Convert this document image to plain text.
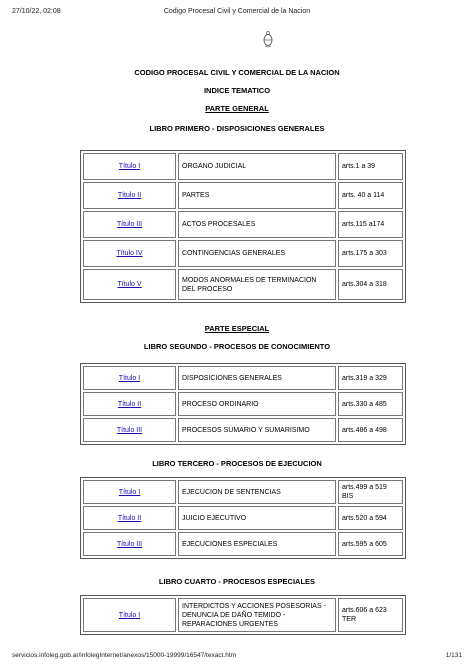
27/10/22, 02:08	Codigo Procesal Civil y Comercial de la Nacion
CODIGO PROCESAL CIVIL Y COMERCIAL DE LA NACION
INDICE TEMATICO
PARTE GENERAL
LIBRO PRIMERO - DISPOSICIONES GENERALES
Título I	ORGANO JUDICIAL	arts.1 a 39
Título II	PARTES	arts. 40 a 114
Título III	ACTOS PROCESALES	arts.115 a174
Título IV	CONTINGENCIAS GENERALES	arts.175 a 303
Título V	MODOS ANORMALES DE TERMINACION DEL PROCESO	arts.304 a 318
PARTE ESPECIAL
LIBRO SEGUNDO - PROCESOS DE CONOCIMIENTO
Título I	DISPOSICIONES GENERALES	arts.319 a 329
Título II	PROCESO ORDINARIO	arts.330 a 485
Título III	PROCESOS SUMARIO Y SUMARISIMO	arts.486 a 498
LIBRO TERCERO - PROCESOS DE EJECUCION
Título I	EJECUCION DE SENTENCIAS	arts.499 a 519 BIS
Título II	JUICIO EJECUTIVO	arts.520 a 594
Título III	EJECUCIONES ESPECIALES	arts.595 a 605
LIBRO CUARTO - PROCESOS ESPECIALES
Título I	INTERDICTOS Y ACCIONES POSESORIAS - DENUNCIA DE DAÑO TEMIDO - REPARACIONES URGENTES	arts.606 a 623 TER
servicios.infoleg.gob.ar/infolegInternet/anexos/15000-19999/16547/texact.htm	1/131
